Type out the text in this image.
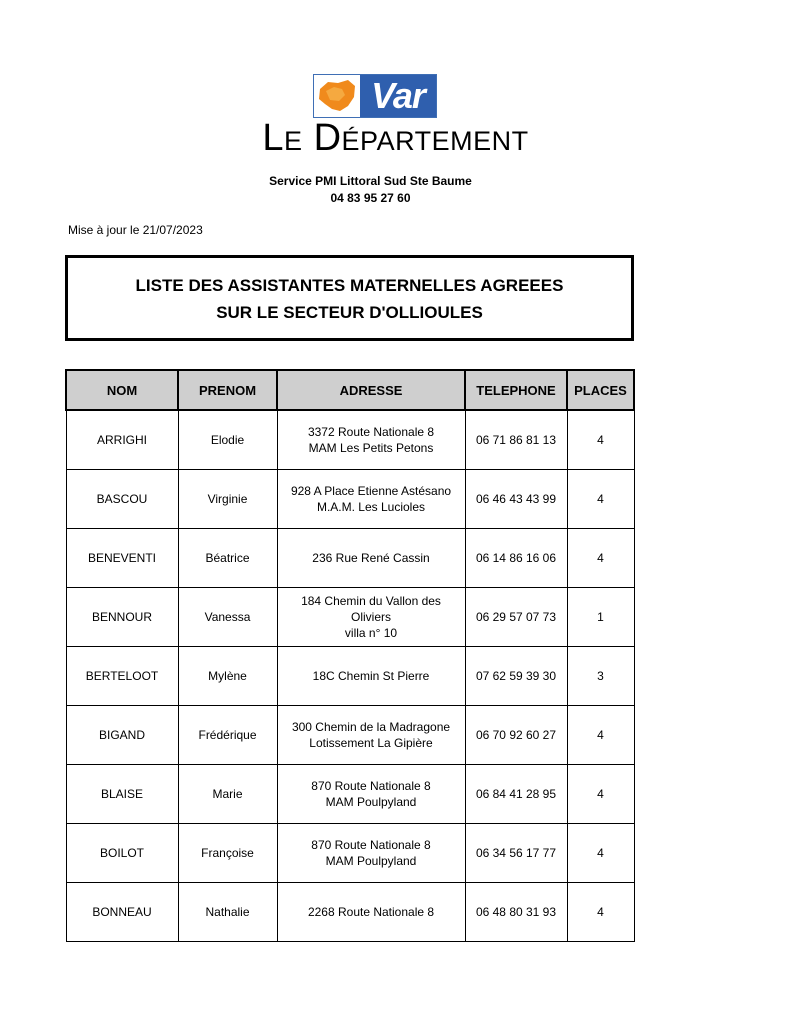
Var
Le Département
Service PMI Littoral Sud Ste Baume
04 83 95 27 60
Mise à jour le 21/07/2023
LISTE DES ASSISTANTES MATERNELLES AGREEES
SUR LE SECTEUR D'OLLIOULES
NOM	PRENOM	ADRESSE	TELEPHONE	PLACES
ARRIGHI	Elodie	3372 Route Nationale 8
MAM Les Petits Petons	06 71 86 81 13	4
BASCOU	Virginie	928 A Place Etienne Astésano
M.A.M. Les Lucioles	06 46 43 43 99	4
BENEVENTI	Béatrice	236 Rue René Cassin	06 14 86 16 06	4
BENNOUR	Vanessa	184 Chemin du Vallon des
Oliviers
villa n° 10	06 29 57 07 73	1
BERTELOOT	Mylène	18C Chemin St Pierre	07 62 59 39 30	3
BIGAND	Frédérique	300 Chemin de la Madragone
Lotissement La Gipière	06 70 92 60 27	4
BLAISE	Marie	870 Route Nationale 8
MAM Poulpyland	06 84 41 28 95	4
BOILOT	Françoise	870 Route Nationale 8
MAM Poulpyland	06 34 56 17 77	4
BONNEAU	Nathalie	2268 Route Nationale 8	06 48 80 31 93	4
